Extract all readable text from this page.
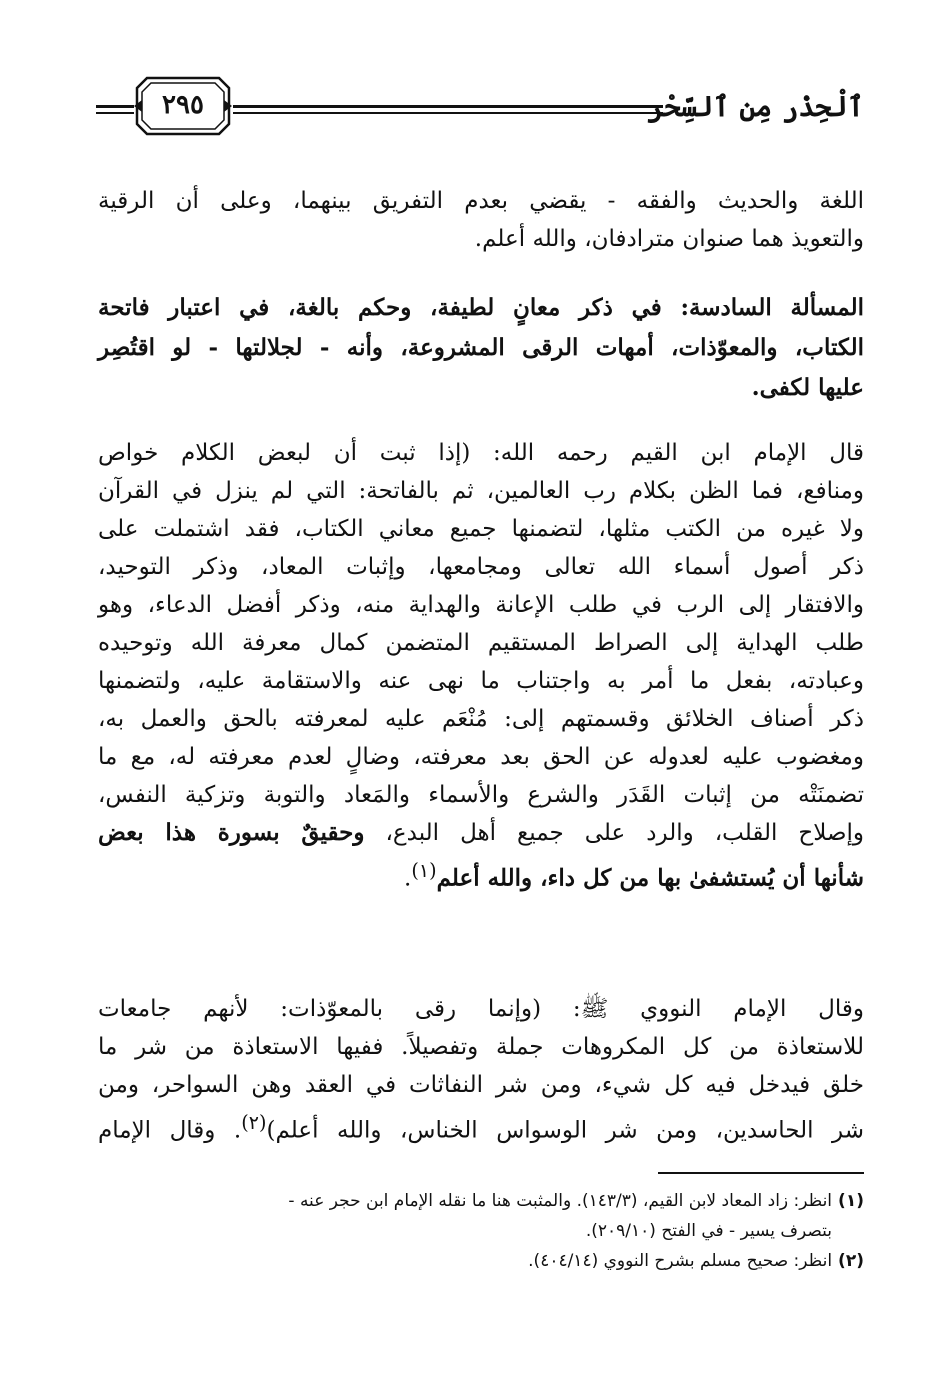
ٱلْحِذْر مِن ٱلسِّحْر
٢٩٥
اللغة والحديث والفقه - يقضي بعدم التفريق بينهما، وعلى أن الرقية
والتعويذ هما صنوان مترادفان، والله أعلم.
المسألة السادسة: في ذكر معانٍ لطيفة، وحكم بالغة، في اعتبار فاتحة
الكتاب، والمعوّذات، أمهات الرقى المشروعة، وأنه - لجلالتها - لو اقتُصِر
عليها لكفى.
قال الإمام ابن القيم رحمه الله: (إذا ثبت أن لبعض الكلام خواص
ومنافع، فما الظن بكلام رب العالمين، ثم بالفاتحة: التي لم ينزل في القرآن
ولا غيره من الكتب مثلها، لتضمنها جميع معاني الكتاب، فقد اشتملت على
ذكر أصول أسماء الله تعالى ومجامعها، وإثبات المعاد، وذكر التوحيد،
والافتقار إلى الرب في طلب الإعانة والهداية منه، وذكر أفضل الدعاء، وهو
طلب الهداية إلى الصراط المستقيم المتضمن كمال معرفة الله وتوحيده
وعبادته، بفعل ما أمر به واجتناب ما نهى عنه والاستقامة عليه، ولتضمنها
ذكر أصناف الخلائق وقسمتهم إلى: مُنْعَم عليه لمعرفته بالحق والعمل به،
ومغضوب عليه لعدوله عن الحق بعد معرفته، وضالٍ لعدم معرفته له، مع ما
تضمنَتْه من إثبات القَدَر والشرع والأسماء والمَعاد والتوبة وتزكية النفس،
وإصلاح القلب، والرد على جميع أهل البدع، وحقيقٌ بسورة هذا بعض
شأنها أن يُستشفىٰ بها من كل داء، والله أعلم$^{(١)}$.
وقال الإمام النووي ﷺ: (وإنما رقى بالمعوّذات: لأنهم جامعات
للاستعاذة من كل المكروهات جملة وتفصيلاً. ففيها الاستعاذة من شر ما
خلق فيدخل فيه كل شيء، ومن شر النفاثات في العقد وهن السواحر، ومن
شر الحاسدين، ومن شر الوسواس الخناس، والله أعلم)$^{(٢)}$. وقال الإمام
(١)انظر: زاد المعاد لابن القيم، (١٤٣/٣). والمثبت هنا ما نقله الإمام ابن حجر عنه -
بتصرف يسير - في الفتح (٢٠٩/١٠).
(٢)انظر: صحيح مسلم بشرح النووي (٤٠٤/١٤).
